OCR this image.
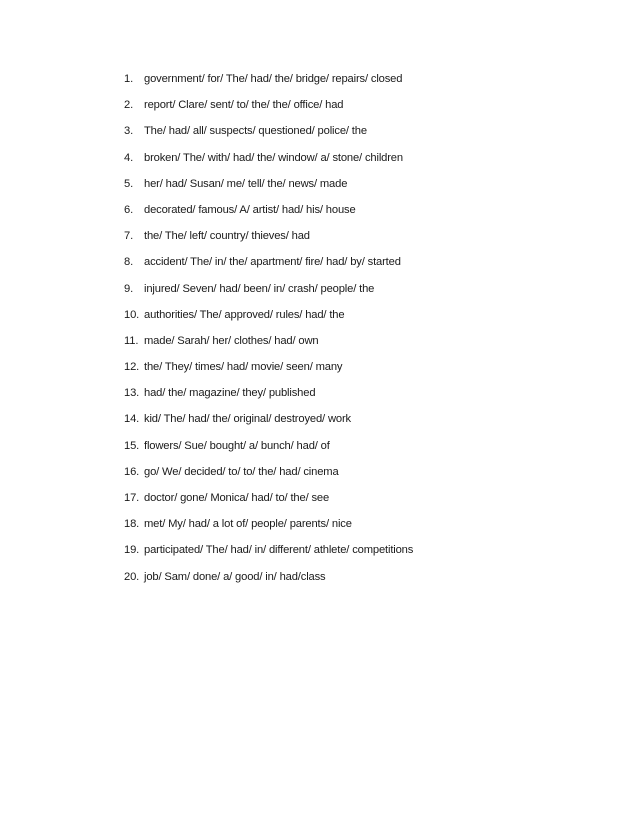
1. government/ for/ The/ had/ the/ bridge/ repairs/ closed
2. report/ Clare/ sent/ to/ the/ the/ office/ had
3. The/ had/ all/ suspects/ questioned/ police/ the
4. broken/ The/ with/ had/ the/ window/ a/ stone/ children
5. her/ had/ Susan/ me/ tell/ the/ news/ made
6. decorated/ famous/ A/ artist/ had/ his/ house
7. the/ The/ left/ country/ thieves/ had
8. accident/ The/ in/ the/ apartment/ fire/ had/ by/ started
9. injured/ Seven/ had/ been/ in/ crash/ people/ the
10. authorities/ The/ approved/ rules/ had/ the
11. made/ Sarah/ her/ clothes/ had/ own
12. the/ They/ times/ had/ movie/ seen/ many
13. had/ the/ magazine/ they/ published
14. kid/ The/ had/ the/ original/ destroyed/ work
15. flowers/ Sue/ bought/ a/ bunch/ had/ of
16. go/ We/ decided/ to/ to/ the/ had/ cinema
17. doctor/ gone/ Monica/ had/ to/ the/ see
18. met/ My/ had/ a lot of/ people/ parents/ nice
19. participated/ The/ had/ in/ different/ athlete/ competitions
20. job/ Sam/ done/ a/ good/ in/ had/class
